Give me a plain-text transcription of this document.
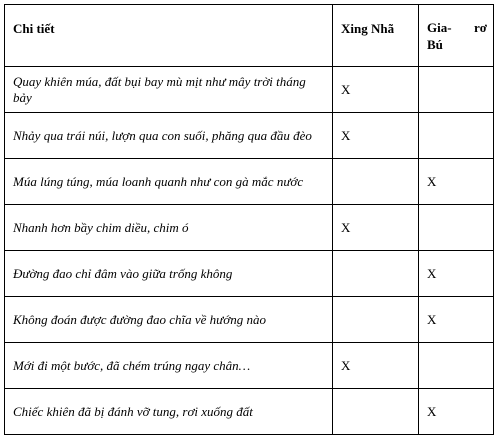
Chi tiết	Xing Nhã	Gia- rơ
Bú

Quay khiên múa, đất bụi bay mù mịt như mây trời tháng bảy	X	
Nhảy qua trái núi, lượn qua con suối, phăng qua đầu đèo	X	
Múa lúng túng, múa loanh quanh như con gà mắc nước		X
Nhanh hơn bầy chim diều, chim ó	X	
Đường đao chỉ đâm vào giữa trống không		X
Không đoán được đường đao chĩa về hướng nào		X
Mới đi một bước, đã chém trúng ngay chân…	X	
Chiếc khiên đã bị đánh vỡ tung, rơi xuống đất		X
